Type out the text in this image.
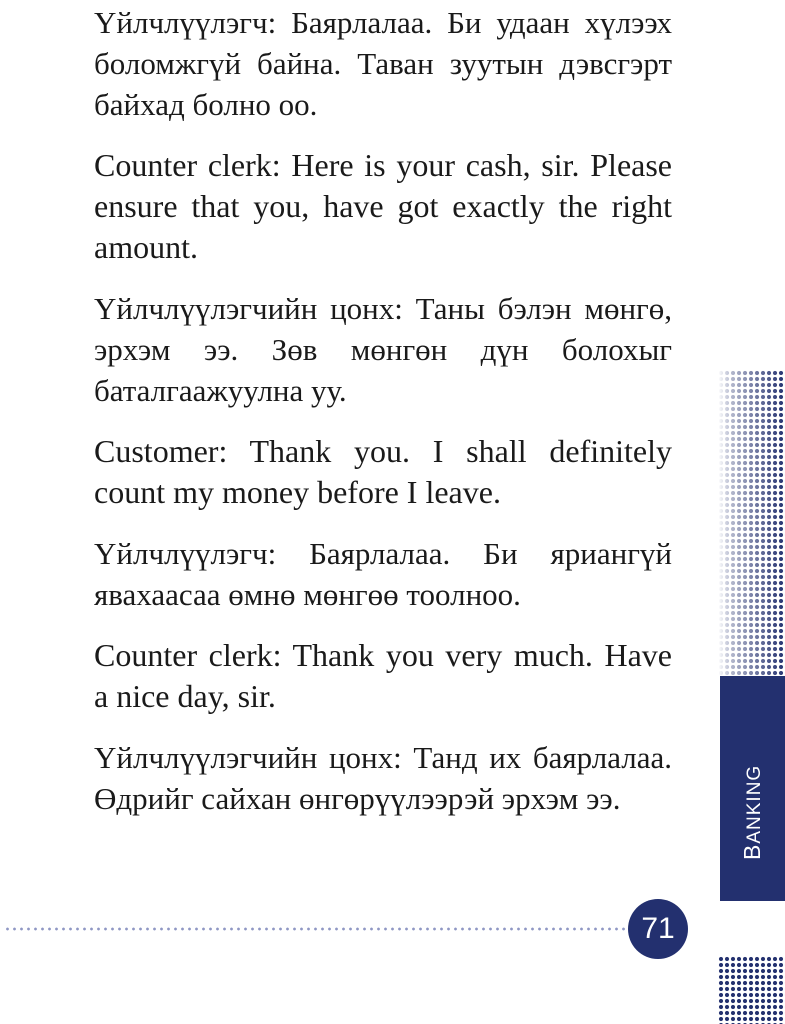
Үйлчлүүлэгч: Баярлалаа. Би удаан хүлээх боломжгүй байна. Таван зуутын дэвсгэрт байхад болно оо.

Counter clerk: Here is your cash, sir. Please ensure that you, have got exactly the right amount.

Үйлчлүүлэгчийн цонх: Таны бэлэн мөнгө, эрхэм ээ. Зөв мөнгөн дүн болохыг баталгаажуулна уу.

Customer: Thank you. I shall definitely count my money before I leave.

Үйлчлүүлэгч: Баярлалаа. Би яриангүй явахаасаа өмнө мөнгөө тоолноо.

Counter clerk: Thank you very much. Have a nice day, sir.

Үйлчлүүлэгчийн цонх: Танд их баярлалаа. Өдрийг сайхан өнгөрүүлээрэй эрхэм ээ.

BANKING
71
